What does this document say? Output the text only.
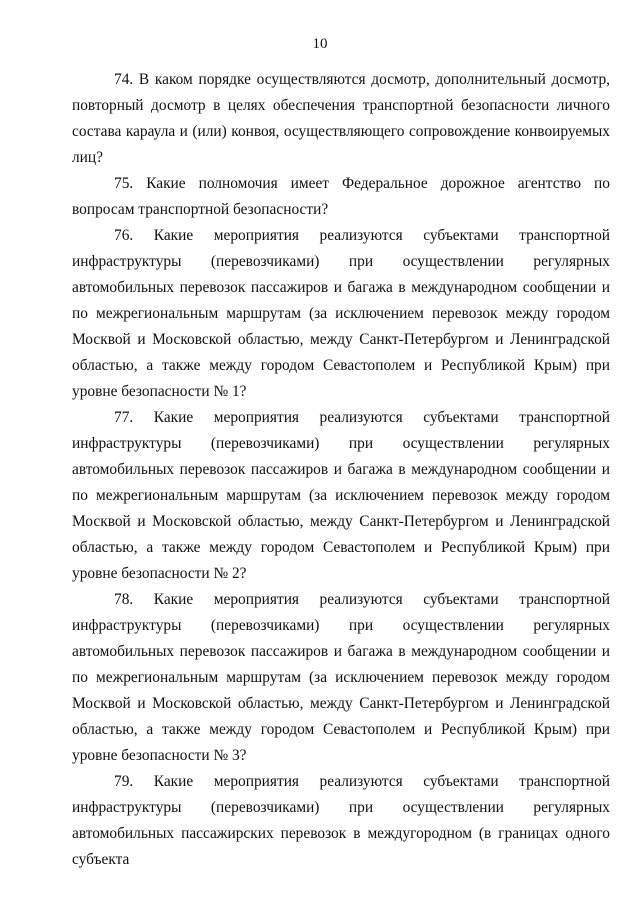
10

74. В каком порядке осуществляются досмотр, дополнительный досмотр, повторный досмотр в целях обеспечения транспортной безопасности личного состава караула и (или) конвоя, осуществляющего сопровождение конвоируемых лиц?

75. Какие полномочия имеет Федеральное дорожное агентство по вопросам транспортной безопасности?

76. Какие мероприятия реализуются субъектами транспортной инфраструктуры (перевозчиками) при осуществлении регулярных автомобильных перевозок пассажиров и багажа в международном сообщении и по межрегиональным маршрутам (за исключением перевозок между городом Москвой и Московской областью, между Санкт-Петербургом и Ленинградской областью, а также между городом Севастополем и Республикой Крым) при уровне безопасности № 1?

77. Какие мероприятия реализуются субъектами транспортной инфраструктуры (перевозчиками) при осуществлении регулярных автомобильных перевозок пассажиров и багажа в международном сообщении и по межрегиональным маршрутам (за исключением перевозок между городом Москвой и Московской областью, между Санкт-Петербургом и Ленинградской областью, а также между городом Севастополем и Республикой Крым) при уровне безопасности № 2?

78. Какие мероприятия реализуются субъектами транспортной инфраструктуры (перевозчиками) при осуществлении регулярных автомобильных перевозок пассажиров и багажа в международном сообщении и по межрегиональным маршрутам (за исключением перевозок между городом Москвой и Московской областью, между Санкт-Петербургом и Ленинградской областью, а также между городом Севастополем и Республикой Крым) при уровне безопасности № 3?

79. Какие мероприятия реализуются субъектами транспортной инфраструктуры (перевозчиками) при осуществлении регулярных автомобильных пассажирских перевозок в междугородном (в границах одного субъекта
